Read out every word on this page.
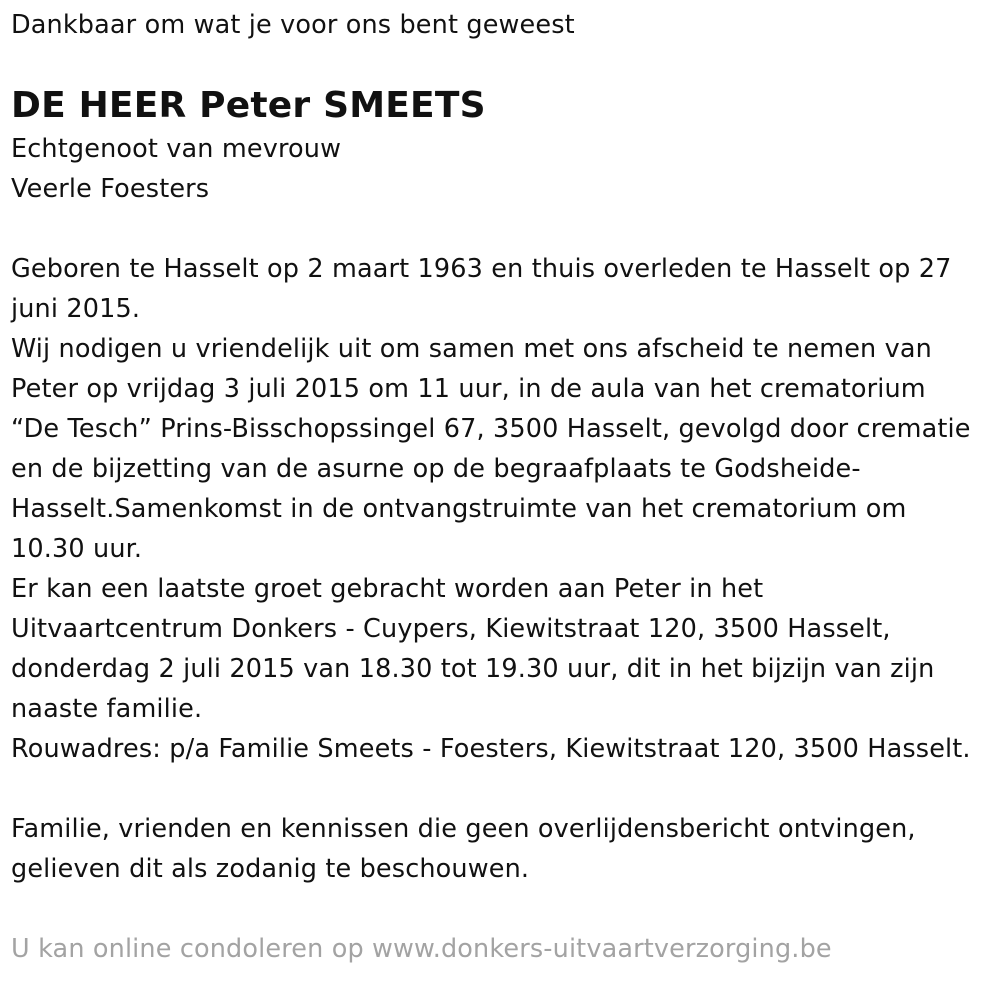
Dankbaar om wat je voor ons bent geweest

DE HEER Peter SMEETS

Echtgenoot van mevrouw

Veerle Foesters

Geboren te Hasselt op 2 maart 1963 en thuis overleden te Hasselt op 27

juni 2015.

Wij nodigen u vriendelijk uit om samen met ons afscheid te nemen van

Peter op vrijdag 3 juli 2015 om 11 uur, in de aula van het crematorium

“De Tesch” Prins-Bisschopssingel 67, 3500 Hasselt, gevolgd door crematie

en de bijzetting van de asurne op de begraafplaats te Godsheide-

Hasselt.Samenkomst in de ontvangstruimte van het crematorium om

10.30 uur.

Er kan een laatste groet gebracht worden aan Peter in het

Uitvaartcentrum Donkers - Cuypers, Kiewitstraat 120, 3500 Hasselt,

donderdag 2 juli 2015 van 18.30 tot 19.30 uur, dit in het bijzijn van zijn

naaste familie.

Rouwadres: p/a Familie Smeets - Foesters, Kiewitstraat 120, 3500 Hasselt.

Familie, vrienden en kennissen die geen overlijdensbericht ontvingen,

gelieven dit als zodanig te beschouwen.

U kan online condoleren op www.donkers-uitvaartverzorging.be
